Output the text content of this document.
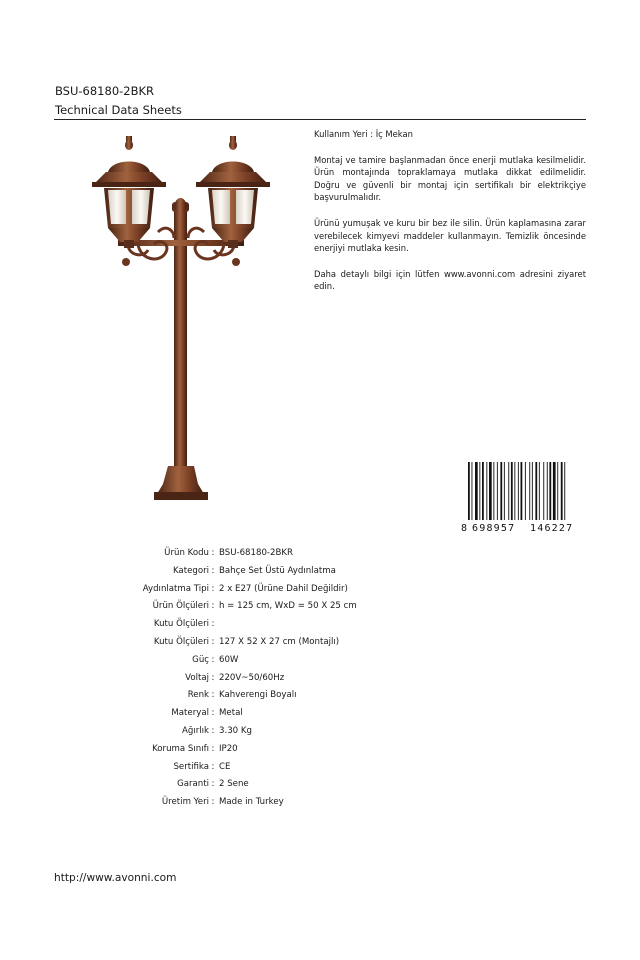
BSU-68180-2BKR
Technical Data Sheets

Kullanım Yeri : İç Mekan

Montaj ve tamire başlanmadan önce enerji mutlaka kesilmelidir. Ürün montajında topraklamaya mutlaka dikkat edilmelidir. Doğru ve güvenli bir montaj için sertifikalı bir elektrikçiye başvurulmalıdır.

Ürünü yumuşak ve kuru bir bez ile silin. Ürün kaplamasına zarar verebilecek kimyevi maddeler kullanmayın. Temizlik öncesinde enerjiyi mutlaka kesin.

Daha detaylı bilgi için lütfen www.avonni.com adresini ziyaret edin.

8 698957 146227
Ürün Kodu : BSU-68180-2BKR
Kategori : Bahçe Set Üstü Aydınlatma
Aydınlatma Tipi : 2 x E27 (Ürüne Dahil Değildir)
Ürün Ölçüleri : h = 125 cm, WxD = 50 X 25 cm
Kutu Ölçüleri :
Kutu Ölçüleri : 127 X 52 X 27 cm (Montajlı)
Güç : 60W
Voltaj : 220V~50/60Hz
Renk : Kahverengi Boyalı
Materyal : Metal
Ağırlık : 3.30 Kg
Koruma Sınıfı : IP20
Sertifika : CE
Garanti : 2 Sene
Üretim Yeri : Made in Turkey
http://www.avonni.com
